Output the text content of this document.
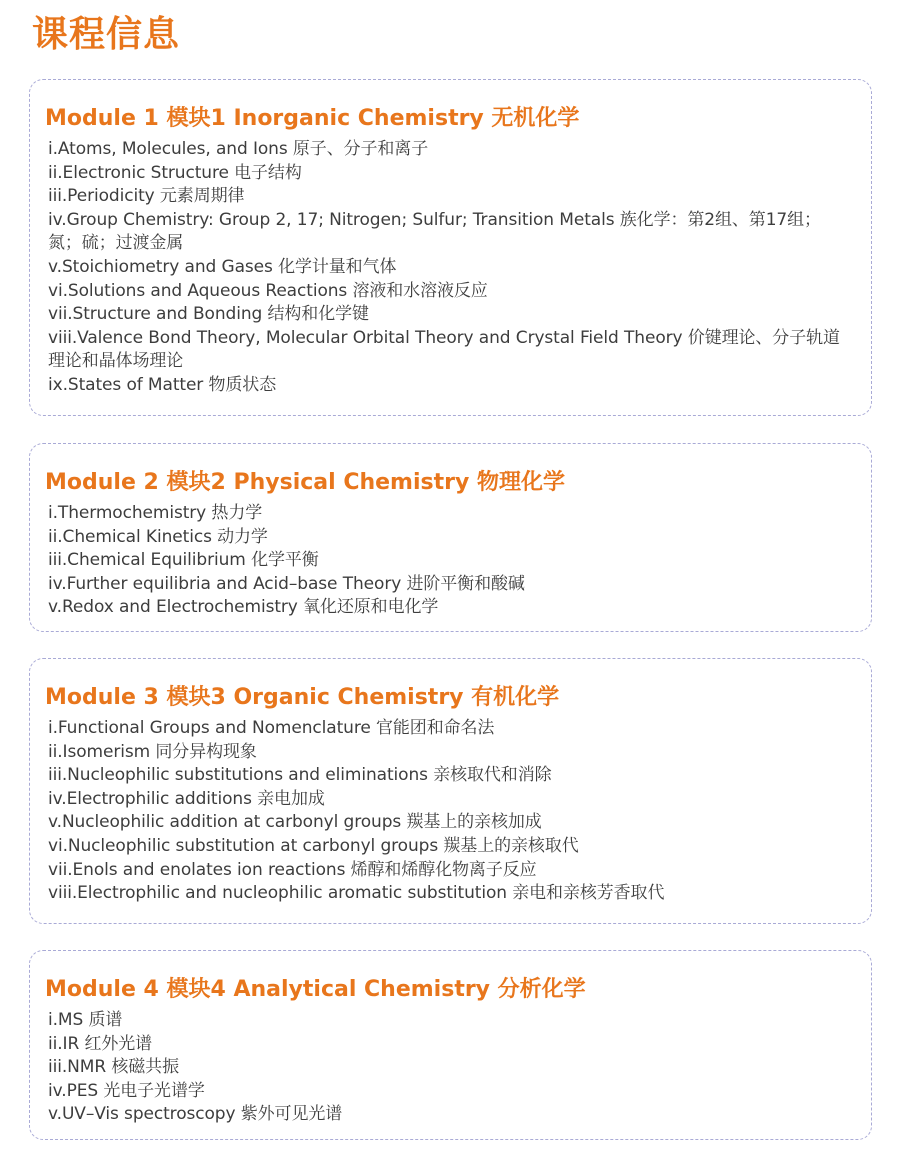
课程信息
Module 1 模块1 Inorganic Chemistry 无机化学
i.Atoms, Molecules, and Ions 原子、分子和离子
ii.Electronic Structure 电子结构
iii.Periodicity 元素周期律
iv.Group Chemistry: Group 2, 17; Nitrogen; Sulfur; Transition Metals 族化学：第2组、第17组；氮；硫；过渡金属
v.Stoichiometry and Gases 化学计量和气体
vi.Solutions and Aqueous Reactions 溶液和水溶液反应
vii.Structure and Bonding 结构和化学键
viii.Valence Bond Theory, Molecular Orbital Theory and Crystal Field Theory 价键理论、分子轨道理论和晶体场理论
ix.States of Matter 物质状态
Module 2 模块2 Physical Chemistry 物理化学
i.Thermochemistry 热力学
ii.Chemical Kinetics 动力学
iii.Chemical Equilibrium 化学平衡
iv.Further equilibria and Acid–base Theory 进阶平衡和酸碱
v.Redox and Electrochemistry 氧化还原和电化学
Module 3 模块3 Organic Chemistry 有机化学
i.Functional Groups and Nomenclature 官能团和命名法
ii.Isomerism 同分异构现象
iii.Nucleophilic substitutions and eliminations 亲核取代和消除
iv.Electrophilic additions 亲电加成
v.Nucleophilic addition at carbonyl groups 羰基上的亲核加成
vi.Nucleophilic substitution at carbonyl groups 羰基上的亲核取代
vii.Enols and enolates ion reactions 烯醇和烯醇化物离子反应
viii.Electrophilic and nucleophilic aromatic substitution 亲电和亲核芳香取代
Module 4 模块4 Analytical Chemistry 分析化学
i.MS 质谱
ii.IR 红外光谱
iii.NMR 核磁共振
iv.PES 光电子光谱学
v.UV–Vis spectroscopy 紫外可见光谱
